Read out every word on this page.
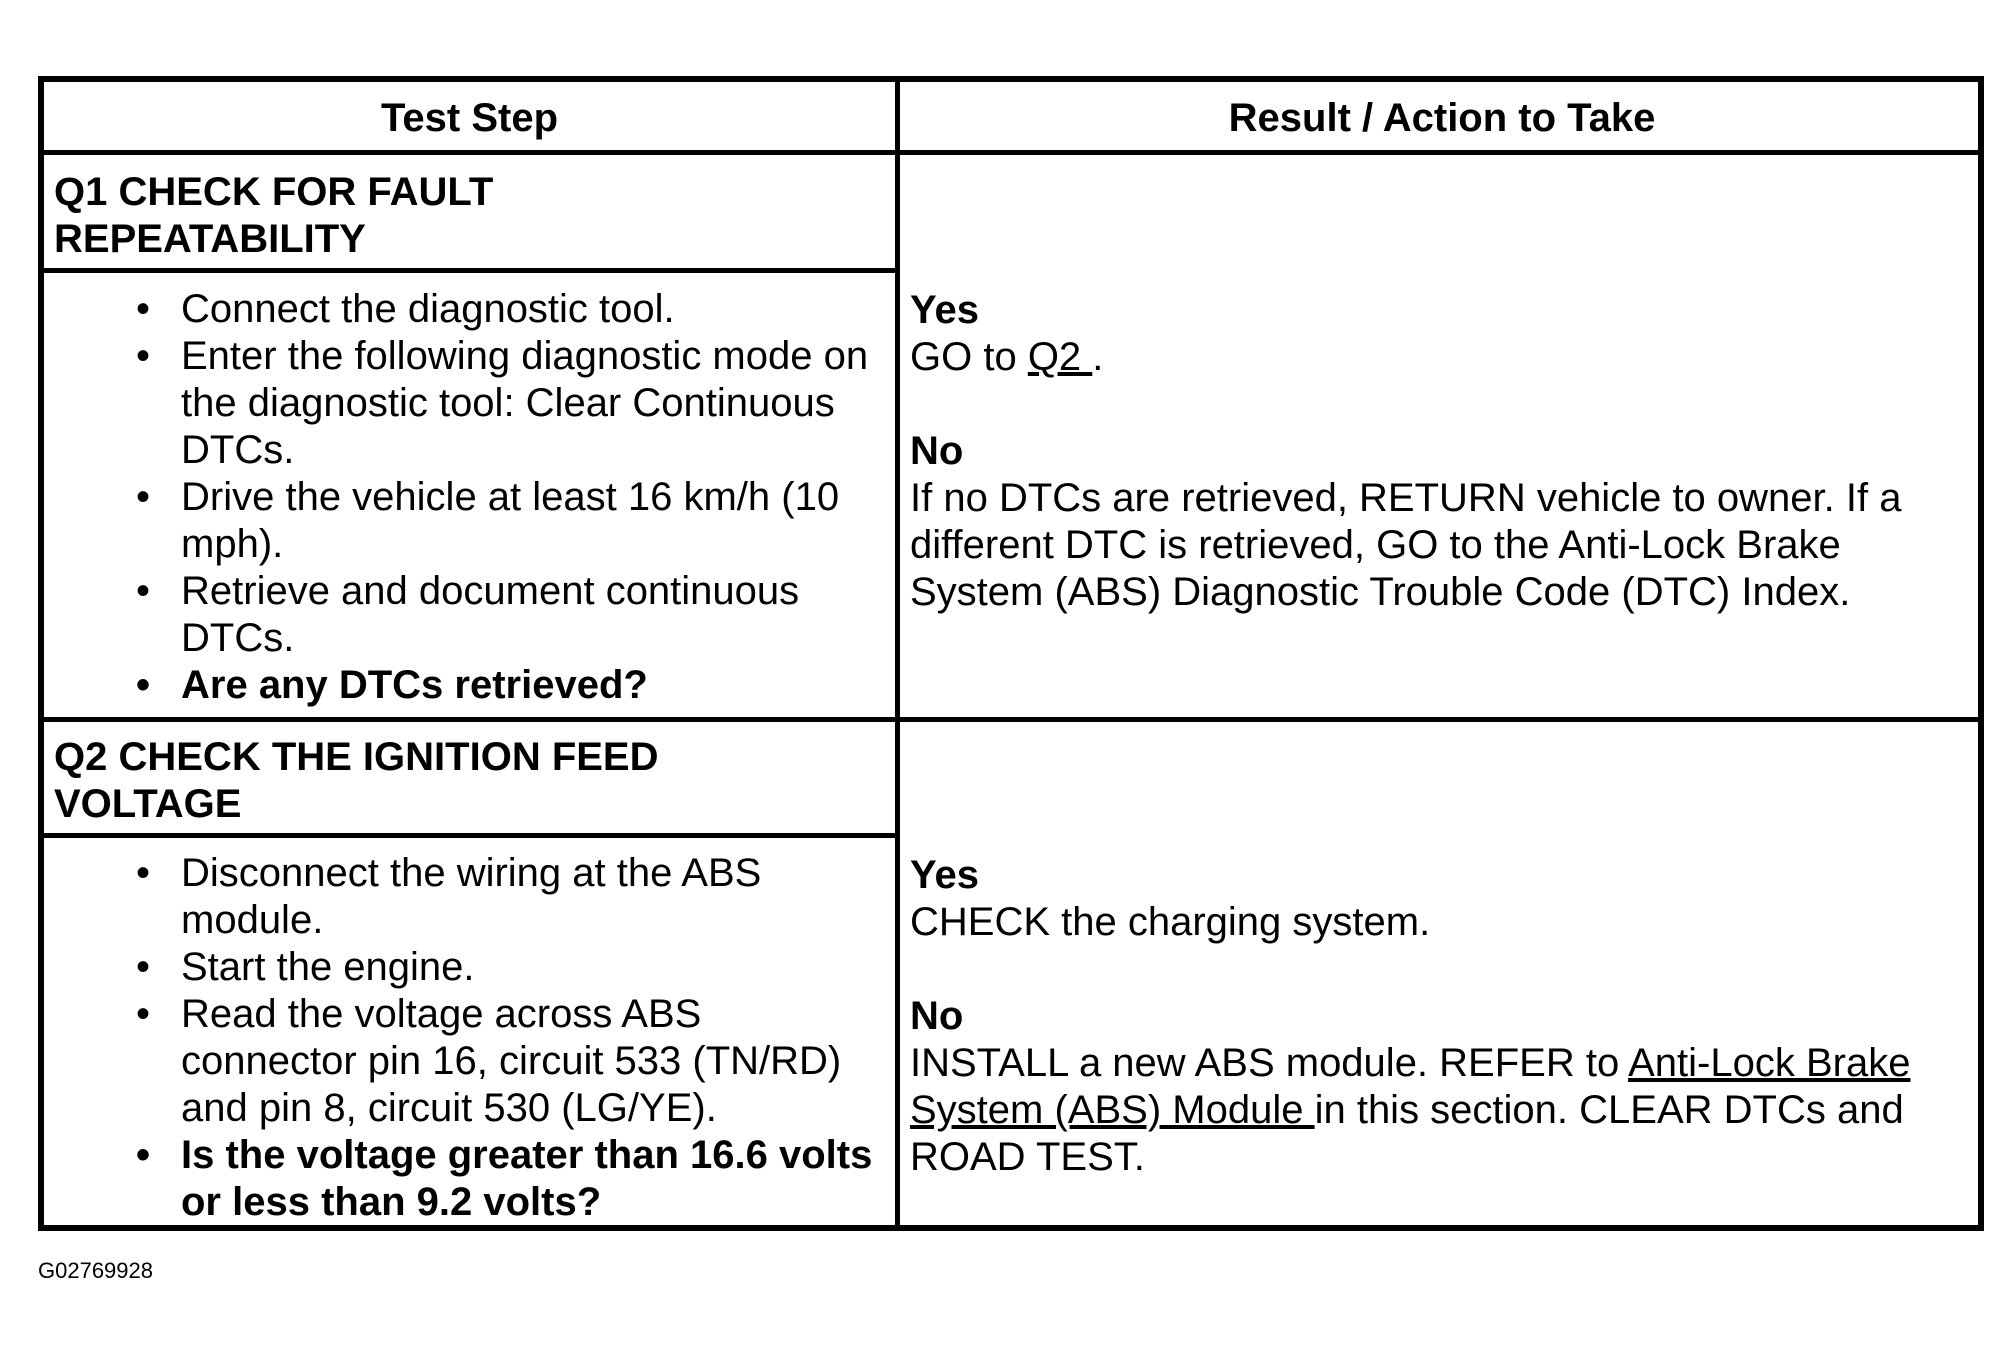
Test Step	Result / Action to Take
Q1 CHECK FOR FAULT
REPEATABILITY
• Connect the diagnostic tool.
• Enter the following diagnostic mode on the diagnostic tool: Clear Continuous DTCs.
• Drive the vehicle at least 16 km/h (10 mph).
• Retrieve and document continuous DTCs.
• Are any DTCs retrieved?
Yes
GO to Q2 .
No
If no DTCs are retrieved, RETURN vehicle to owner. If a different DTC is retrieved, GO to the Anti-Lock Brake System (ABS) Diagnostic Trouble Code (DTC) Index.
Q2 CHECK THE IGNITION FEED
VOLTAGE
• Disconnect the wiring at the ABS module.
• Start the engine.
• Read the voltage across ABS connector pin 16, circuit 533 (TN/RD) and pin 8, circuit 530 (LG/YE).
• Is the voltage greater than 16.6 volts or less than 9.2 volts?
Yes
CHECK the charging system.
No
INSTALL a new ABS module. REFER to Anti-Lock Brake System (ABS) Module in this section. CLEAR DTCs and ROAD TEST.
G02769928
